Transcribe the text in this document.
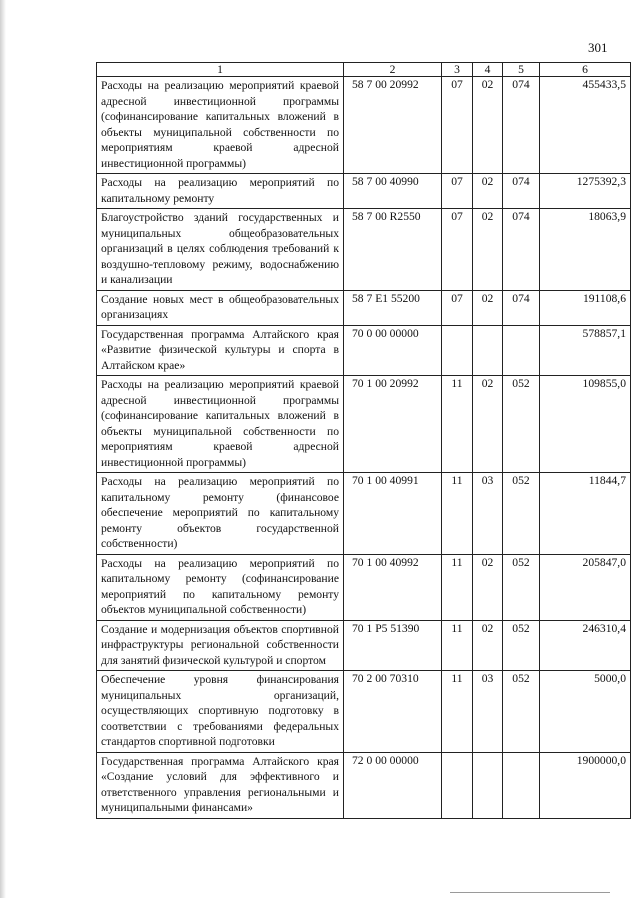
301
1	2	3	4	5	6
Расходы на реализацию мероприятий краевой адресной инвестиционной программы (софинансирование капитальных вложений в объекты муниципальной собственности по мероприятиям краевой адресной инвестиционной программы)	58 7 00 20992	07	02	074	455433,5
Расходы на реализацию мероприятий по капитальному ремонту	58 7 00 40990	07	02	074	1275392,3
Благоустройство зданий государственных и муниципальных общеобразовательных организаций в целях соблюдения требований к воздушно-тепловому режиму, водоснабжению и канализации	58 7 00 R2550	07	02	074	18063,9
Создание новых мест в общеобразовательных организациях	58 7 E1 55200	07	02	074	191108,6
Государственная программа Алтайского края «Развитие физической культуры и спорта в Алтайском крае»	70 0 00 00000				578857,1
Расходы на реализацию мероприятий краевой адресной инвестиционной программы (софинансирование капитальных вложений в объекты муниципальной собственности по мероприятиям краевой адресной инвестиционной программы)	70 1 00 20992	11	02	052	109855,0
Расходы на реализацию мероприятий по капитальному ремонту (финансовое обеспечение мероприятий по капитальному ремонту объектов государственной собственности)	70 1 00 40991	11	03	052	11844,7
Расходы на реализацию мероприятий по капитальному ремонту (софинансирование мероприятий по капитальному ремонту объектов муниципальной собственности)	70 1 00 40992	11	02	052	205847,0
Создание и модернизация объектов спортивной инфраструктуры региональной собственности для занятий физической культурой и спортом	70 1 P5 51390	11	02	052	246310,4
Обеспечение уровня финансирования муниципальных организаций, осуществляющих спортивную подготовку в соответствии с требованиями федеральных стандартов спортивной подготовки	70 2 00 70310	11	03	052	5000,0
Государственная программа Алтайского края «Создание условий для эффективного и ответственного управления региональными и муниципальными финансами»	72 0 00 00000				1900000,0
